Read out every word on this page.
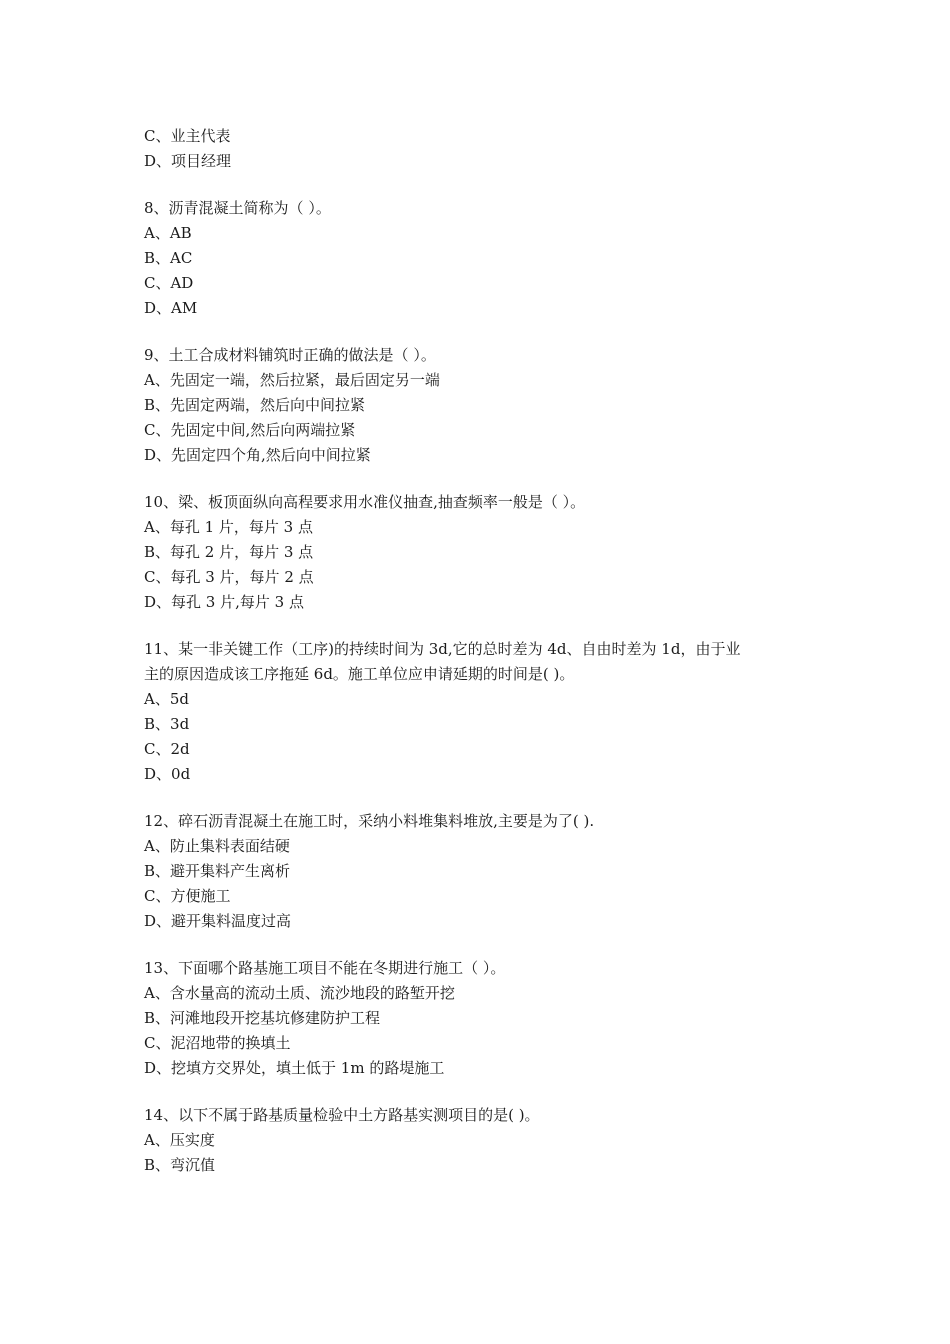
C、业主代表
D、项目经理
8、沥青混凝土简称为（ ）。
A、AB
B、AC
C、AD
D、AM
9、土工合成材料铺筑时正确的做法是（ ）。
A、先固定一端，然后拉紧，最后固定另一端
B、先固定两端，然后向中间拉紧
C、先固定中间,然后向两端拉紧
D、先固定四个角,然后向中间拉紧
10、梁、板顶面纵向高程要求用水准仪抽查,抽查频率一般是（ ）。
A、每孔 1 片，每片 3 点
B、每孔 2 片，每片 3 点
C、每孔 3 片，每片 2 点
D、每孔 3 片,每片 3 点
11、某一非关键工作（工序)的持续时间为 3d,它的总时差为 4d、自由时差为 1d，由于业
主的原因造成该工序拖延 6d。施工单位应申请延期的时间是( )。
A、5d
B、3d
C、2d
D、0d
12、碎石沥青混凝土在施工时，采纳小料堆集料堆放,主要是为了( ).
A、防止集料表面结硬
B、避开集料产生离析
C、方便施工
D、避开集料温度过高
13、下面哪个路基施工项目不能在冬期进行施工（ ）。
A、含水量高的流动土质、流沙地段的路堑开挖
B、河滩地段开挖基坑修建防护工程
C、泥沼地带的换填土
D、挖填方交界处，填土低于 1m 的路堤施工
14、以下不属于路基质量检验中土方路基实测项目的是( )。
A、压实度
B、弯沉值
